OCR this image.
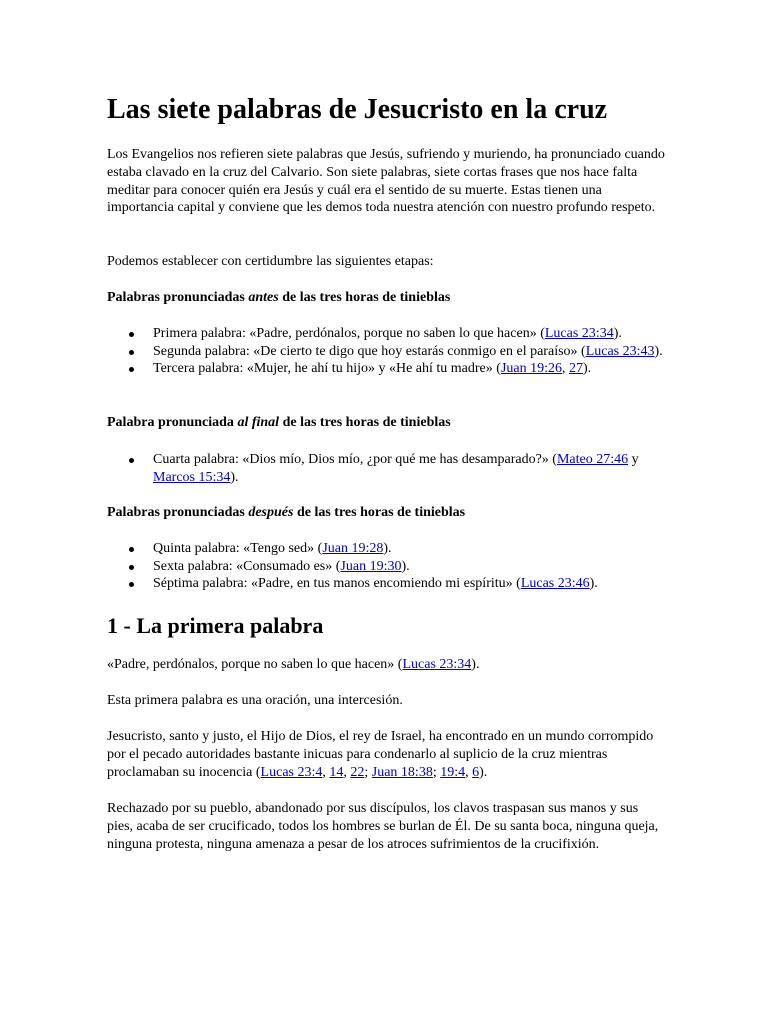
Las siete palabras de Jesucristo en la cruz

Los Evangelios nos refieren siete palabras que Jesús, sufriendo y muriendo, ha pronunciado cuando estaba clavado en la cruz del Calvario. Son siete palabras, siete cortas frases que nos hace falta meditar para conocer quién era Jesús y cuál era el sentido de su muerte. Estas tienen una importancia capital y conviene que les demos toda nuestra atención con nuestro profundo respeto.

Podemos establecer con certidumbre las siguientes etapas:

Palabras pronunciadas antes de las tres horas de tinieblas

Primera palabra: «Padre, perdónalos, porque no saben lo que hacen» (Lucas 23:34).
Segunda palabra: «De cierto te digo que hoy estarás conmigo en el paraíso» (Lucas 23:43).
Tercera palabra: «Mujer, he ahí tu hijo» y «He ahí tu madre» (Juan 19:26, 27).

Palabra pronunciada al final de las tres horas de tinieblas

Cuarta palabra: «Dios mío, Dios mío, ¿por qué me has desamparado?» (Mateo 27:46 y Marcos 15:34).

Palabras pronunciadas después de las tres horas de tinieblas

Quinta palabra: «Tengo sed» (Juan 19:28).
Sexta palabra: «Consumado es» (Juan 19:30).
Séptima palabra: «Padre, en tus manos encomiendo mi espíritu» (Lucas 23:46).
1 - La primera palabra

«Padre, perdónalos, porque no saben lo que hacen» (Lucas 23:34).

Esta primera palabra es una oración, una intercesión.

Jesucristo, santo y justo, el Hijo de Dios, el rey de Israel, ha encontrado en un mundo corrompido por el pecado autoridades bastante inicuas para condenarlo al suplicio de la cruz mientras proclamaban su inocencia (Lucas 23:4, 14, 22; Juan 18:38; 19:4, 6).

Rechazado por su pueblo, abandonado por sus discípulos, los clavos traspasan sus manos y sus pies, acaba de ser crucificado, todos los hombres se burlan de Él. De su santa boca, ninguna queja, ninguna protesta, ninguna amenaza a pesar de los atroces sufrimientos de la crucifixión.
